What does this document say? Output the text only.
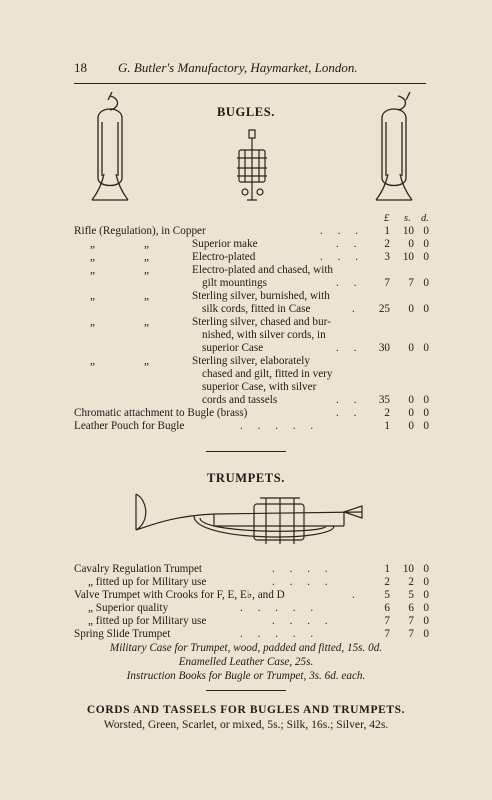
18 G. Butler's Manufactory, Haymarket, London.
BUGLES.
£ s. d.
Rifle (Regulation), in Copper	. . .	1	10 0
„	„	Superior make	. .	2	0 0
„	„	Electro-plated	. . .	3	10 0
„	„	Electro-plated and chased, with
gilt mountings	. .	7	7 0
„	„	Sterling silver, burnished, with
silk cords, fitted in Case	.	25	0 0
„	„	Sterling silver, chased and bur-
nished, with silver cords, in
superior Case	. .	30	0 0
„	„	Sterling silver, elaborately
chased and gilt, fitted in very
superior Case, with silver
cords and tassels	. .	35	0 0
Chromatic attachment to Bugle (brass)	. .	2	0 0
Leather Pouch for Bugle	. . . . .	1	0 0
TRUMPETS.
Cavalry Regulation Trumpet	. . . .	1	10 0
„ fitted up for Military use	. . . .	2	2 0
Valve Trumpet with Crooks for F, E, E♭, and D	.	5	5 0
„ Superior quality	. . . . .	6	6 0
„ fitted up for Military use	. . . .	7	7 0
Spring Slide Trumpet	. . . . .	7	7 0
Military Case for Trumpet, wood, padded and fitted, 15s. 0d.
Enamelled Leather Case, 25s.
Instruction Books for Bugle or Trumpet, 3s. 6d. each.
CORDS AND TASSELS FOR BUGLES AND TRUMPETS.
Worsted, Green, Scarlet, or mixed, 5s.; Silk, 16s.; Silver, 42s.
